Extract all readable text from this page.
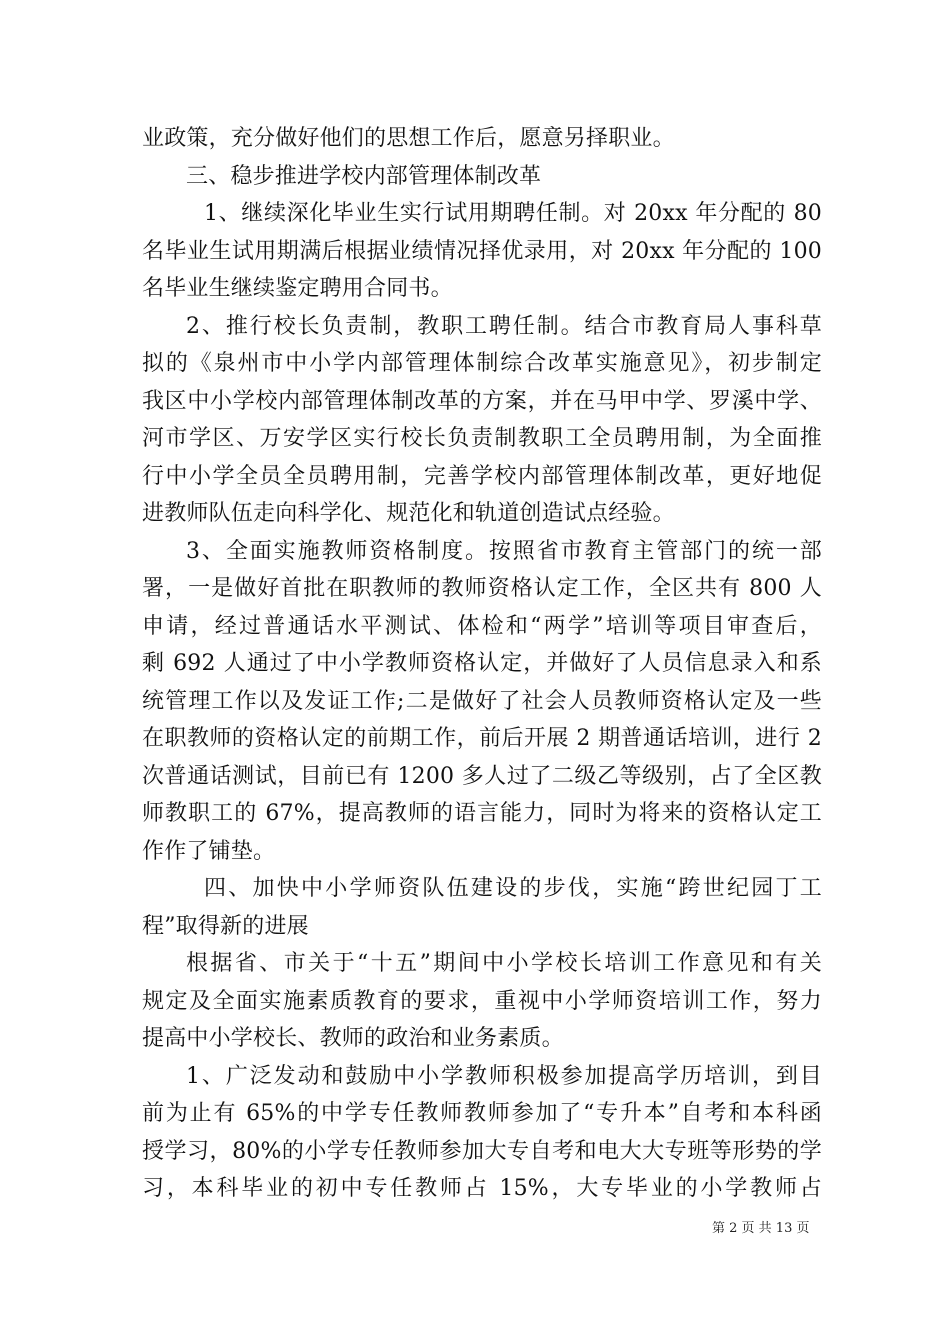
业政策，充分做好他们的思想工作后，愿意另择职业。
三、稳步推进学校内部管理体制改革
1、继续深化毕业生实行试用期聘任制。对 20xx 年分配的 80
名毕业生试用期满后根据业绩情况择优录用，对 20xx 年分配的 100
名毕业生继续鉴定聘用合同书。
2、推行校长负责制，教职工聘任制。结合市教育局人事科草
拟的《泉州市中小学内部管理体制综合改革实施意见》，初步制定
我区中小学校内部管理体制改革的方案，并在马甲中学、罗溪中学、
河市学区、万安学区实行校长负责制教职工全员聘用制，为全面推
行中小学全员全员聘用制，完善学校内部管理体制改革，更好地促
进教师队伍走向科学化、规范化和轨道创造试点经验。
3、全面实施教师资格制度。按照省市教育主管部门的统一部
署，一是做好首批在职教师的教师资格认定工作，全区共有 800 人
申请，经过普通话水平测试、体检和“两学”培训等项目审查后，
剩 692 人通过了中小学教师资格认定，并做好了人员信息录入和系
统管理工作以及发证工作;二是做好了社会人员教师资格认定及一些
在职教师的资格认定的前期工作，前后开展 2 期普通话培训，进行 2
次普通话测试，目前已有 1200 多人过了二级乙等级别，占了全区教
师教职工的 67%，提高教师的语言能力，同时为将来的资格认定工
作作了铺垫。
四、加快中小学师资队伍建设的步伐，实施“跨世纪园丁工
程”取得新的进展
根据省、市关于“十五”期间中小学校长培训工作意见和有关
规定及全面实施素质教育的要求，重视中小学师资培训工作，努力
提高中小学校长、教师的政治和业务素质。
1、广泛发动和鼓励中小学教师积极参加提高学历培训，到目
前为止有 65%的中学专任教师教师参加了“专升本”自考和本科函
授学习，80%的小学专任教师参加大专自考和电大大专班等形势的学
习，本科毕业的初中专任教师占 15%，大专毕业的小学教师占
第 2 页 共 13 页
